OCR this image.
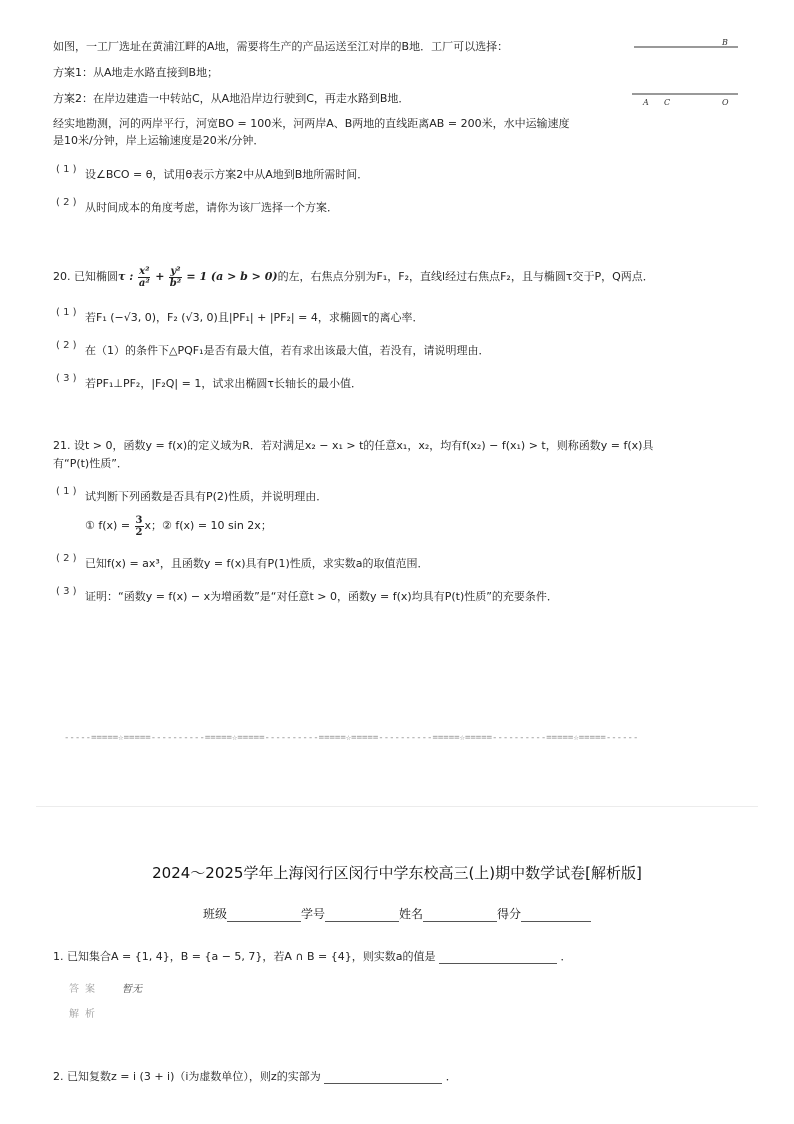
如图，一工厂选址在黄浦江畔的A地，需要将生产的产品运送至江对岸的B地．工厂可以选择：
方案1：从A地走水路直接到B地；
方案2：在岸边建造一中转站C，从A地沿岸边行驶到C，再走水路到B地．
经实地勘测，河的两岸平行，河宽BO = 100米，河两岸A、B两地的直线距离AB = 200米，水中运输速度
是10米/分钟，岸上运输速度是20米/分钟．
( 1 ) 设∠BCO = θ，试用θ表示方案2中从A地到B地所需时间．
( 2 ) 从时间成本的角度考虑，请你为该厂选择一个方案．
B
A C	O
20. 已知椭圆τ : $\frac{\text{x²}}{\text{a²}} + \frac{\text{y²}}{\text{b²}} = 1$ (a > b > 0)的左，右焦点分别为F₁，F₂，直线l经过右焦点F₂，且与椭圆τ交于P，Q两点．
( 1 ) 若F₁ (−√3, 0)，F₂ (√3, 0)且|PF₁| + |PF₂| = 4，求椭圆τ的离心率．
( 2 ) 在（1）的条件下△PQF₁是否有最大值，若有求出该最大值，若没有，请说明理由．
( 3 ) 若PF₁⊥PF₂，|F₂Q| = 1，试求出椭圆τ长轴长的最小值．
21. 设t > 0，函数y = f(x)的定义域为R．若对满足x₂ − x₁ > t的任意x₁，x₂，均有f(x₂) − f(x₁) > t，则称函数y = f(x)具
有“P(t)性质”．
( 1 ) 试判断下列函数是否具有P(2)性质，并说明理由．
① $f(x) = \frac{3}{2}$ x；② f(x) = 10 sin 2x；
( 2 ) 已知f(x) = ax³，且函数y = f(x)具有P(1)性质，求实数a的取值范围．
( 3 ) 证明：“函数y = f(x) − x为增函数”是“对任意t > 0，函数y = f(x)均具有P(t)性质”的充要条件．
-----=====☆=====----------=====☆=====----------=====☆=====----------=====☆=====----------=====☆=====------
2024～2025学年上海闵行区闵行中学东校高三(上)期中数学试卷[解析版]
班级	学号	姓名	得分
1. 已知集合A = {1, 4}，B = {a − 5, 7}，若A ∩ B = {4}，则实数a的值是	．
答案 暂无
解析
2. 已知复数z = i (3 + i)（i为虚数单位），则z的实部为	．
